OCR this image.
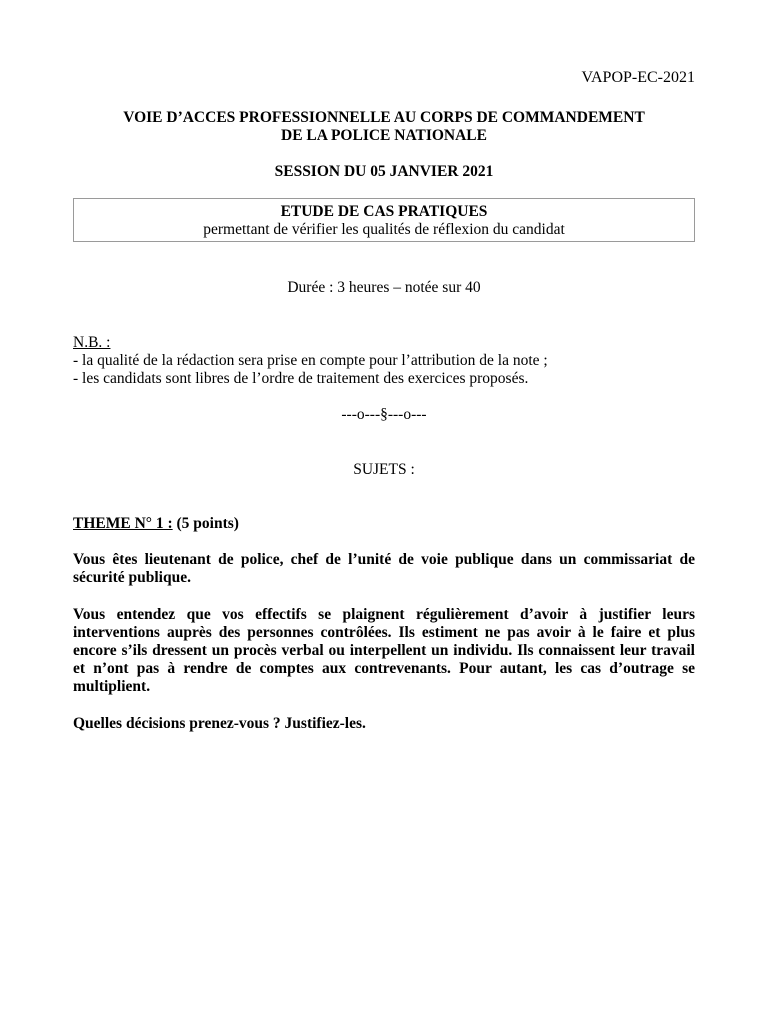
VAPOP-EC-2021
VOIE D’ACCES PROFESSIONNELLE AU CORPS DE COMMANDEMENT
DE LA POLICE NATIONALE
SESSION DU 05 JANVIER 2021
ETUDE DE CAS PRATIQUES
permettant de vérifier les qualités de réflexion du candidat
Durée : 3 heures – notée sur 40
N.B. :
- la qualité de la rédaction sera prise en compte pour l’attribution de la note ;
- les candidats sont libres de l’ordre de traitement des exercices proposés.
---o---§---o---
SUJETS :
THEME N° 1 : (5 points)
Vous êtes lieutenant de police, chef de l’unité de voie publique dans un commissariat de sécurité publique.
Vous entendez que vos effectifs se plaignent régulièrement d’avoir à justifier leurs interventions auprès des personnes contrôlées. Ils estiment ne pas avoir à le faire et plus encore s’ils dressent un procès verbal ou interpellent un individu. Ils connaissent leur travail et n’ont pas à rendre de comptes aux contrevenants. Pour autant, les cas d’outrage se multiplient.
Quelles décisions prenez-vous ? Justifiez-les.
